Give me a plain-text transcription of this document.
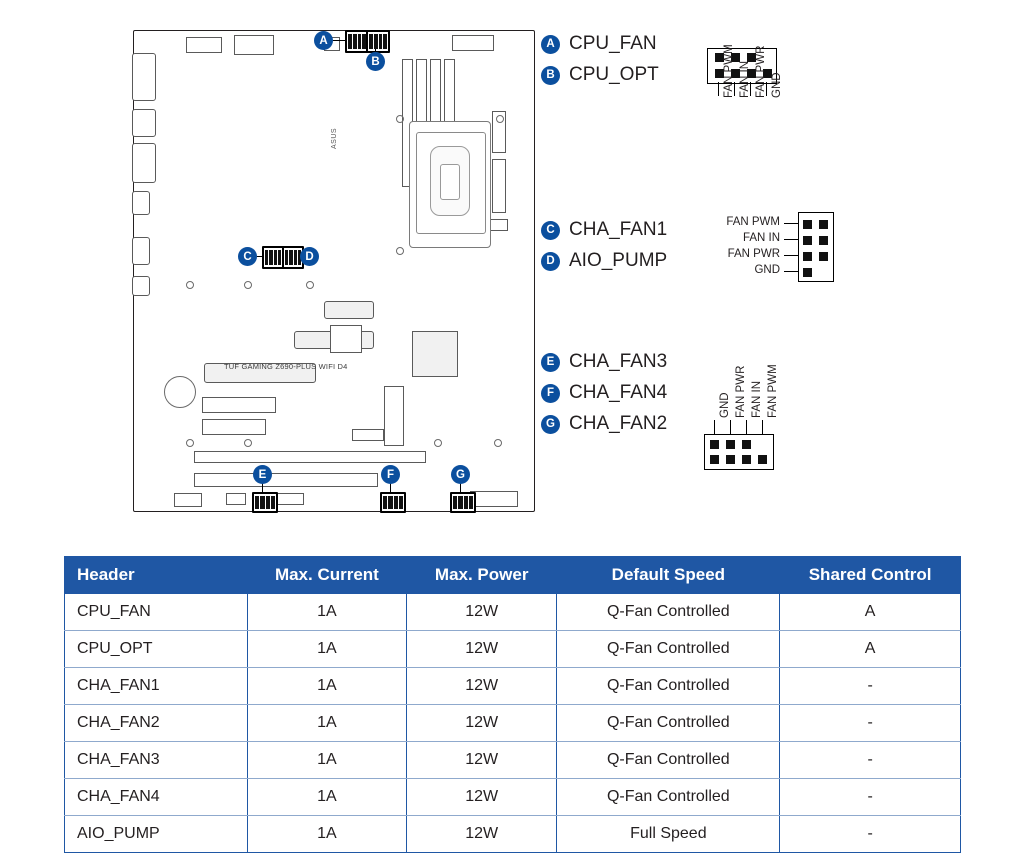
ASUS
TUF GAMING Z690-PLUS WIFI D4
A
B
C	D
E	F	G
A CPU_FAN
B CPU_OPT	FAN PWM FAN IN FAN PWR GND
C CHA_FAN1
D AIO_PUMP
FAN PWM
FAN IN
FAN PWR
GND
E CHA_FAN3
F CHA_FAN4
G CHA_FAN2
GND FAN PWR FAN IN FAN PWM
Header	Max. Current	Max. Power	Default Speed	Shared Control
CPU_FAN	1A	12W	Q-Fan Controlled	A
CPU_OPT	1A	12W	Q-Fan Controlled	A
CHA_FAN1	1A	12W	Q-Fan Controlled	-
CHA_FAN2	1A	12W	Q-Fan Controlled	-
CHA_FAN3	1A	12W	Q-Fan Controlled	-
CHA_FAN4	1A	12W	Q-Fan Controlled	-
AIO_PUMP	1A	12W	Full Speed	-
